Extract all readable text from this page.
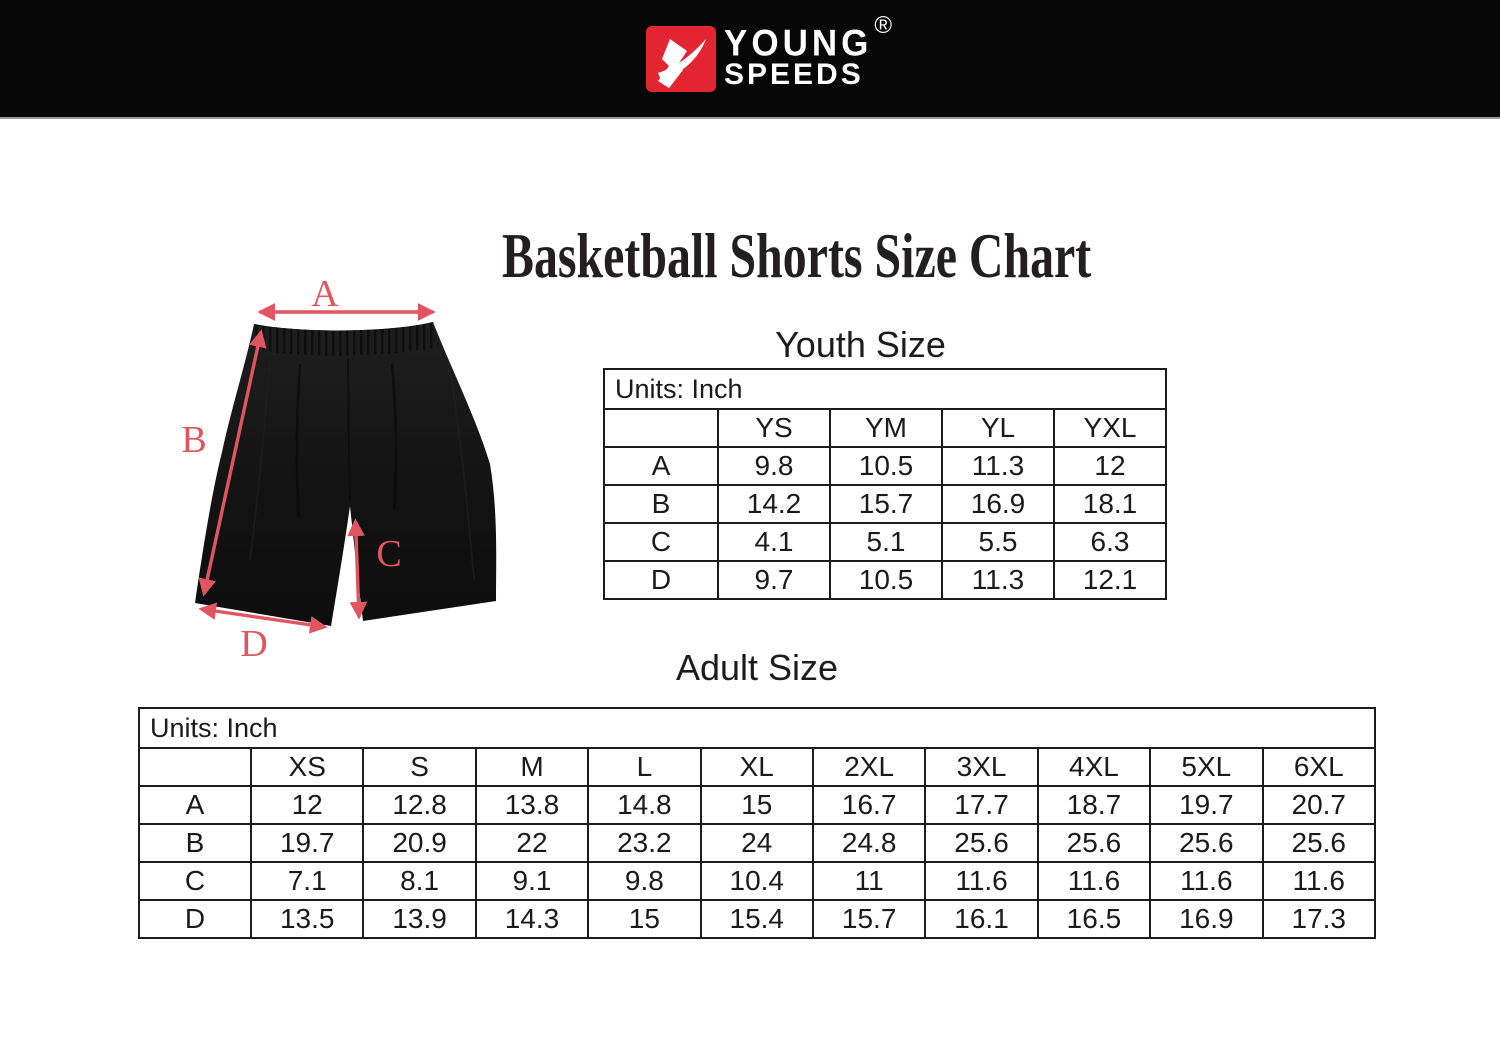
YOUNG
SPEEDS
®
Basketball Shorts Size Chart
A
B
C
D
Youth Size
Units: Inch				
	YS	YM	YL	YXL
A	9.8	10.5	11.3	12
B	14.2	15.7	16.9	18.1
C	4.1	5.1	5.5	6.3
D	9.7	10.5	11.3	12.1
Adult Size
Units: Inch										
	XS	S	M	L	XL	2XL	3XL	4XL	5XL	6XL
A	12	12.8	13.8	14.8	15	16.7	17.7	18.7	19.7	20.7
B	19.7	20.9	22	23.2	24	24.8	25.6	25.6	25.6	25.6
C	7.1	8.1	9.1	9.8	10.4	11	11.6	11.6	11.6	11.6
D	13.5	13.9	14.3	15	15.4	15.7	16.1	16.5	16.9	17.3
